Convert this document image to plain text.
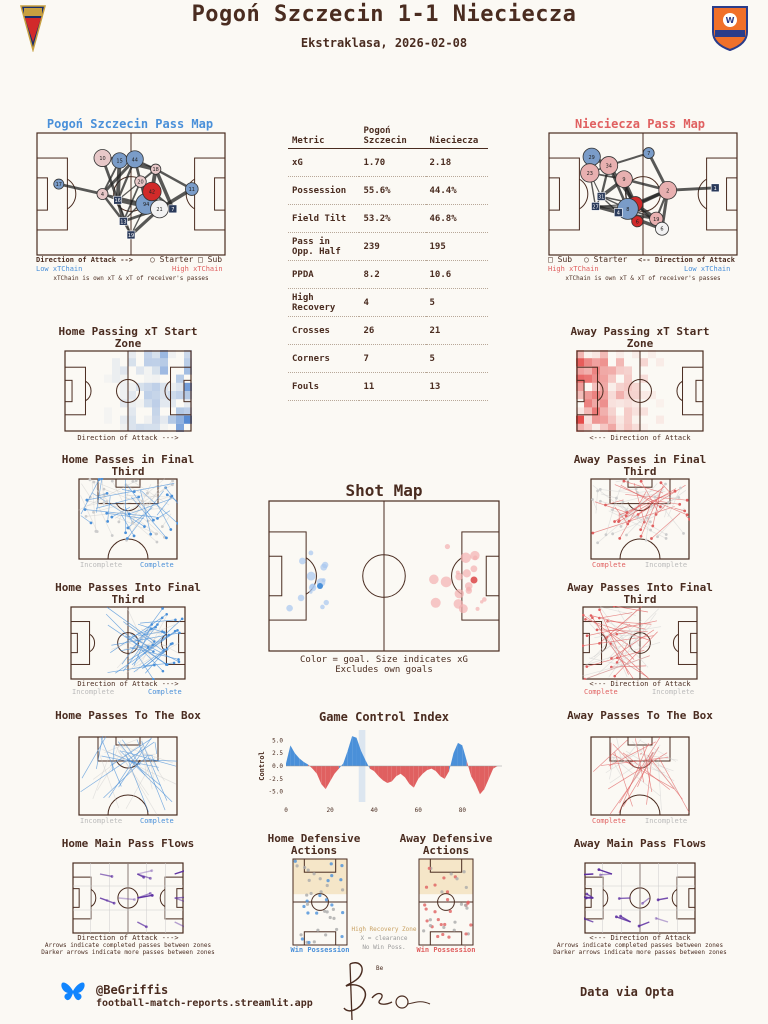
Pogoń Szczecin 1-1 Niecieczа
Ekstraklasa, 2026-02-08
W
Pogoń Szczecin Pass Map	Nieciecza Pass Map
17
10
4
15 44
20
94
18
42
21
11
16
19
13
7
29
34
23
9
7
2
19
6
6
8
27
31
1
4
Direction of Attack --> ○ Starter □ Sub
Low xTChain	High xTChain
xTChain is own xT & xT of receiver's passes
□ Sub ○ Starter <-- Direction of Attack
High xTChain	Low xTChain
xTChain is own xT & xT of receiver's passes
Metric	Pogoń Szczecin	Nieciecza
xG	1.70	2.18
Possession	55.6%	44.4%
Field Tilt	53.2%	46.8%
Pass in Opp. Half	239	195
PPDA	8.2	10.6
High Recovery	4	5
Crosses	26	21
Corners	7	5
Fouls	11	13
Home Passing xT Start Zone
Direction of Attack --->
Away Passing xT Start Zone
<--- Direction of Attack
Home Passes in Final Third
Incomplete	Complete
Away Passes in Final Third
Complete	Incomplete
Home Passes Into Final Third
Direction of Attack --->
Incomplete	Complete
Away Passes Into Final Third
<--- Direction of Attack
Complete	Incomplete
Home Passes To The Box
Incomplete	Complete
Away Passes To The Box
Complete	Incomplete
Home Main Pass Flows
Direction of Attack --->
Arrows indicate completed passes between zones
Darker arrows indicate more passes between zones
Away Main Pass Flows
<--- Direction of Attack
Arrows indicate completed passes between zones
Darker arrows indicate more passes between zones
Shot Map
Color = goal. Size indicates xG
Excludes own goals
Game Control Index
-5.0
-2.5
0.0
2.5
5.0
0	20	40	60	80
Control
Home Defensive Actions
Win Possession
Away Defensive Actions
Win Possession
High Recovery Zone
X = clearance
No Win Poss.
@BeGriffis
football-match-reports.streamlit.app
Be
Data via Opta
